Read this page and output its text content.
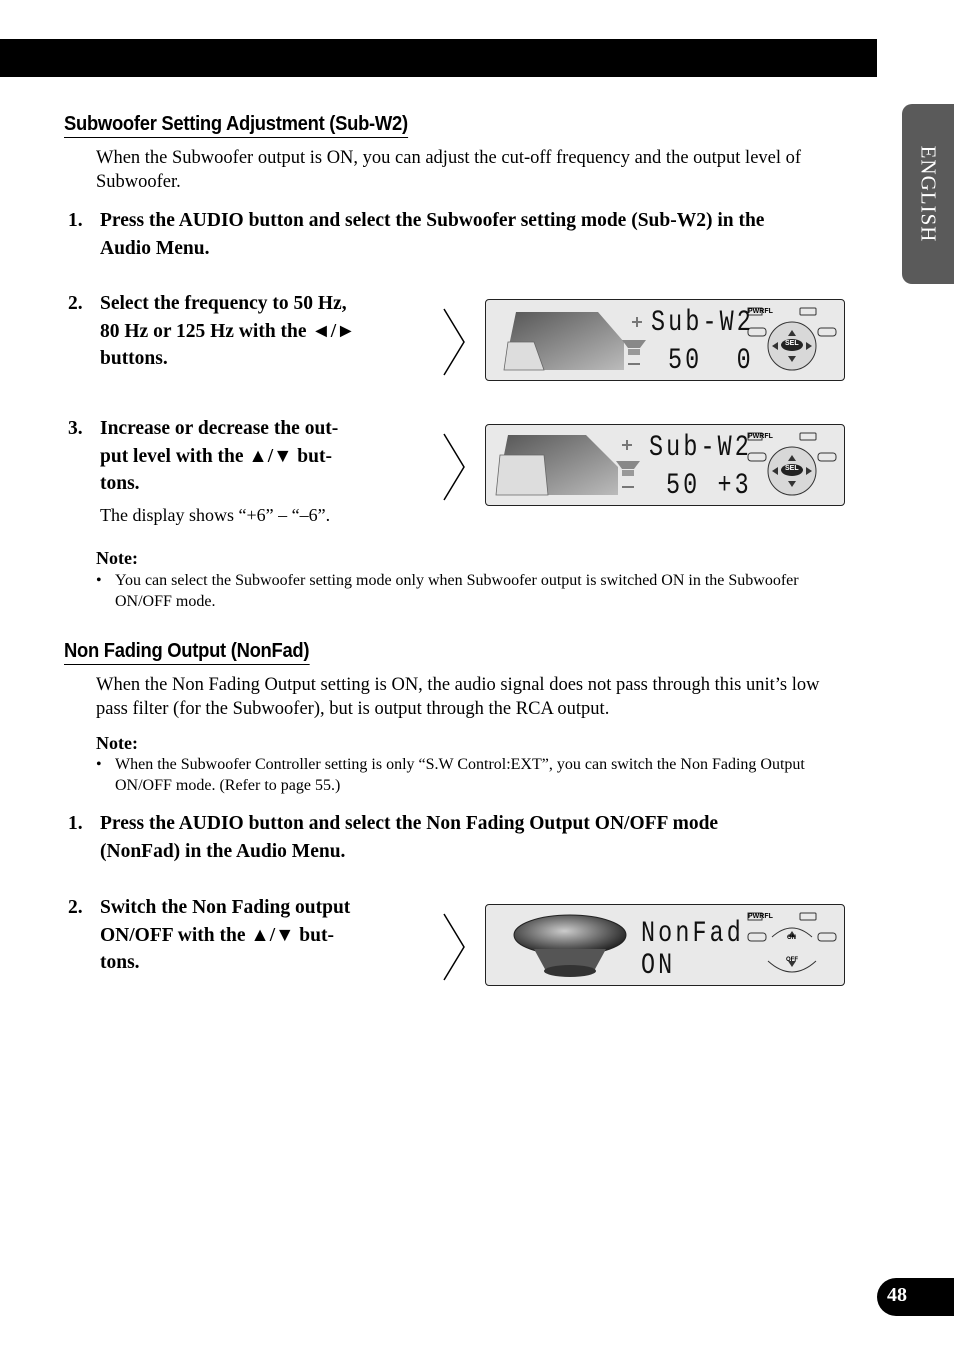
ENGLISH
Subwoofer Setting Adjustment (Sub-W2)
When the Subwoofer output is ON, you can adjust the cut-off frequency and the output level of Subwoofer.
1. Press the AUDIO button and select the Subwoofer setting mode (Sub-W2) in the Audio Menu.
2. Select the frequency to 50 Hz,
80 Hz or 125 Hz with the ◄/►
buttons.
3. Increase or decrease the out-
put level with the ▲/▼ but-
tons.
The display shows “+6” – “–6”.
Note:
• You can select the Subwoofer setting mode only when Subwoofer output is switched ON in the Subwoofer ON/OFF mode.
Non Fading Output (NonFad)
When the Non Fading Output setting is ON, the audio signal does not pass through this unit’s low pass filter (for the Subwoofer), but is output through the RCA output.
Note:
• When the Subwoofer Controller setting is only “S.W Control:EXT”, you can switch the Non Fading Output ON/OFF mode. (Refer to page 55.)
1. Press the AUDIO button and select the Non Fading Output ON/OFF mode (NonFad) in the Audio Menu.
2. Switch the Non Fading output
ON/OFF with the ▲/▼ but-
tons.
Sub-W2
50  0
PWRFL
SEL
Sub-W2
50 +3
PWRFL
SEL
NonFad
ON
PWRFL
ON
OFF
48
